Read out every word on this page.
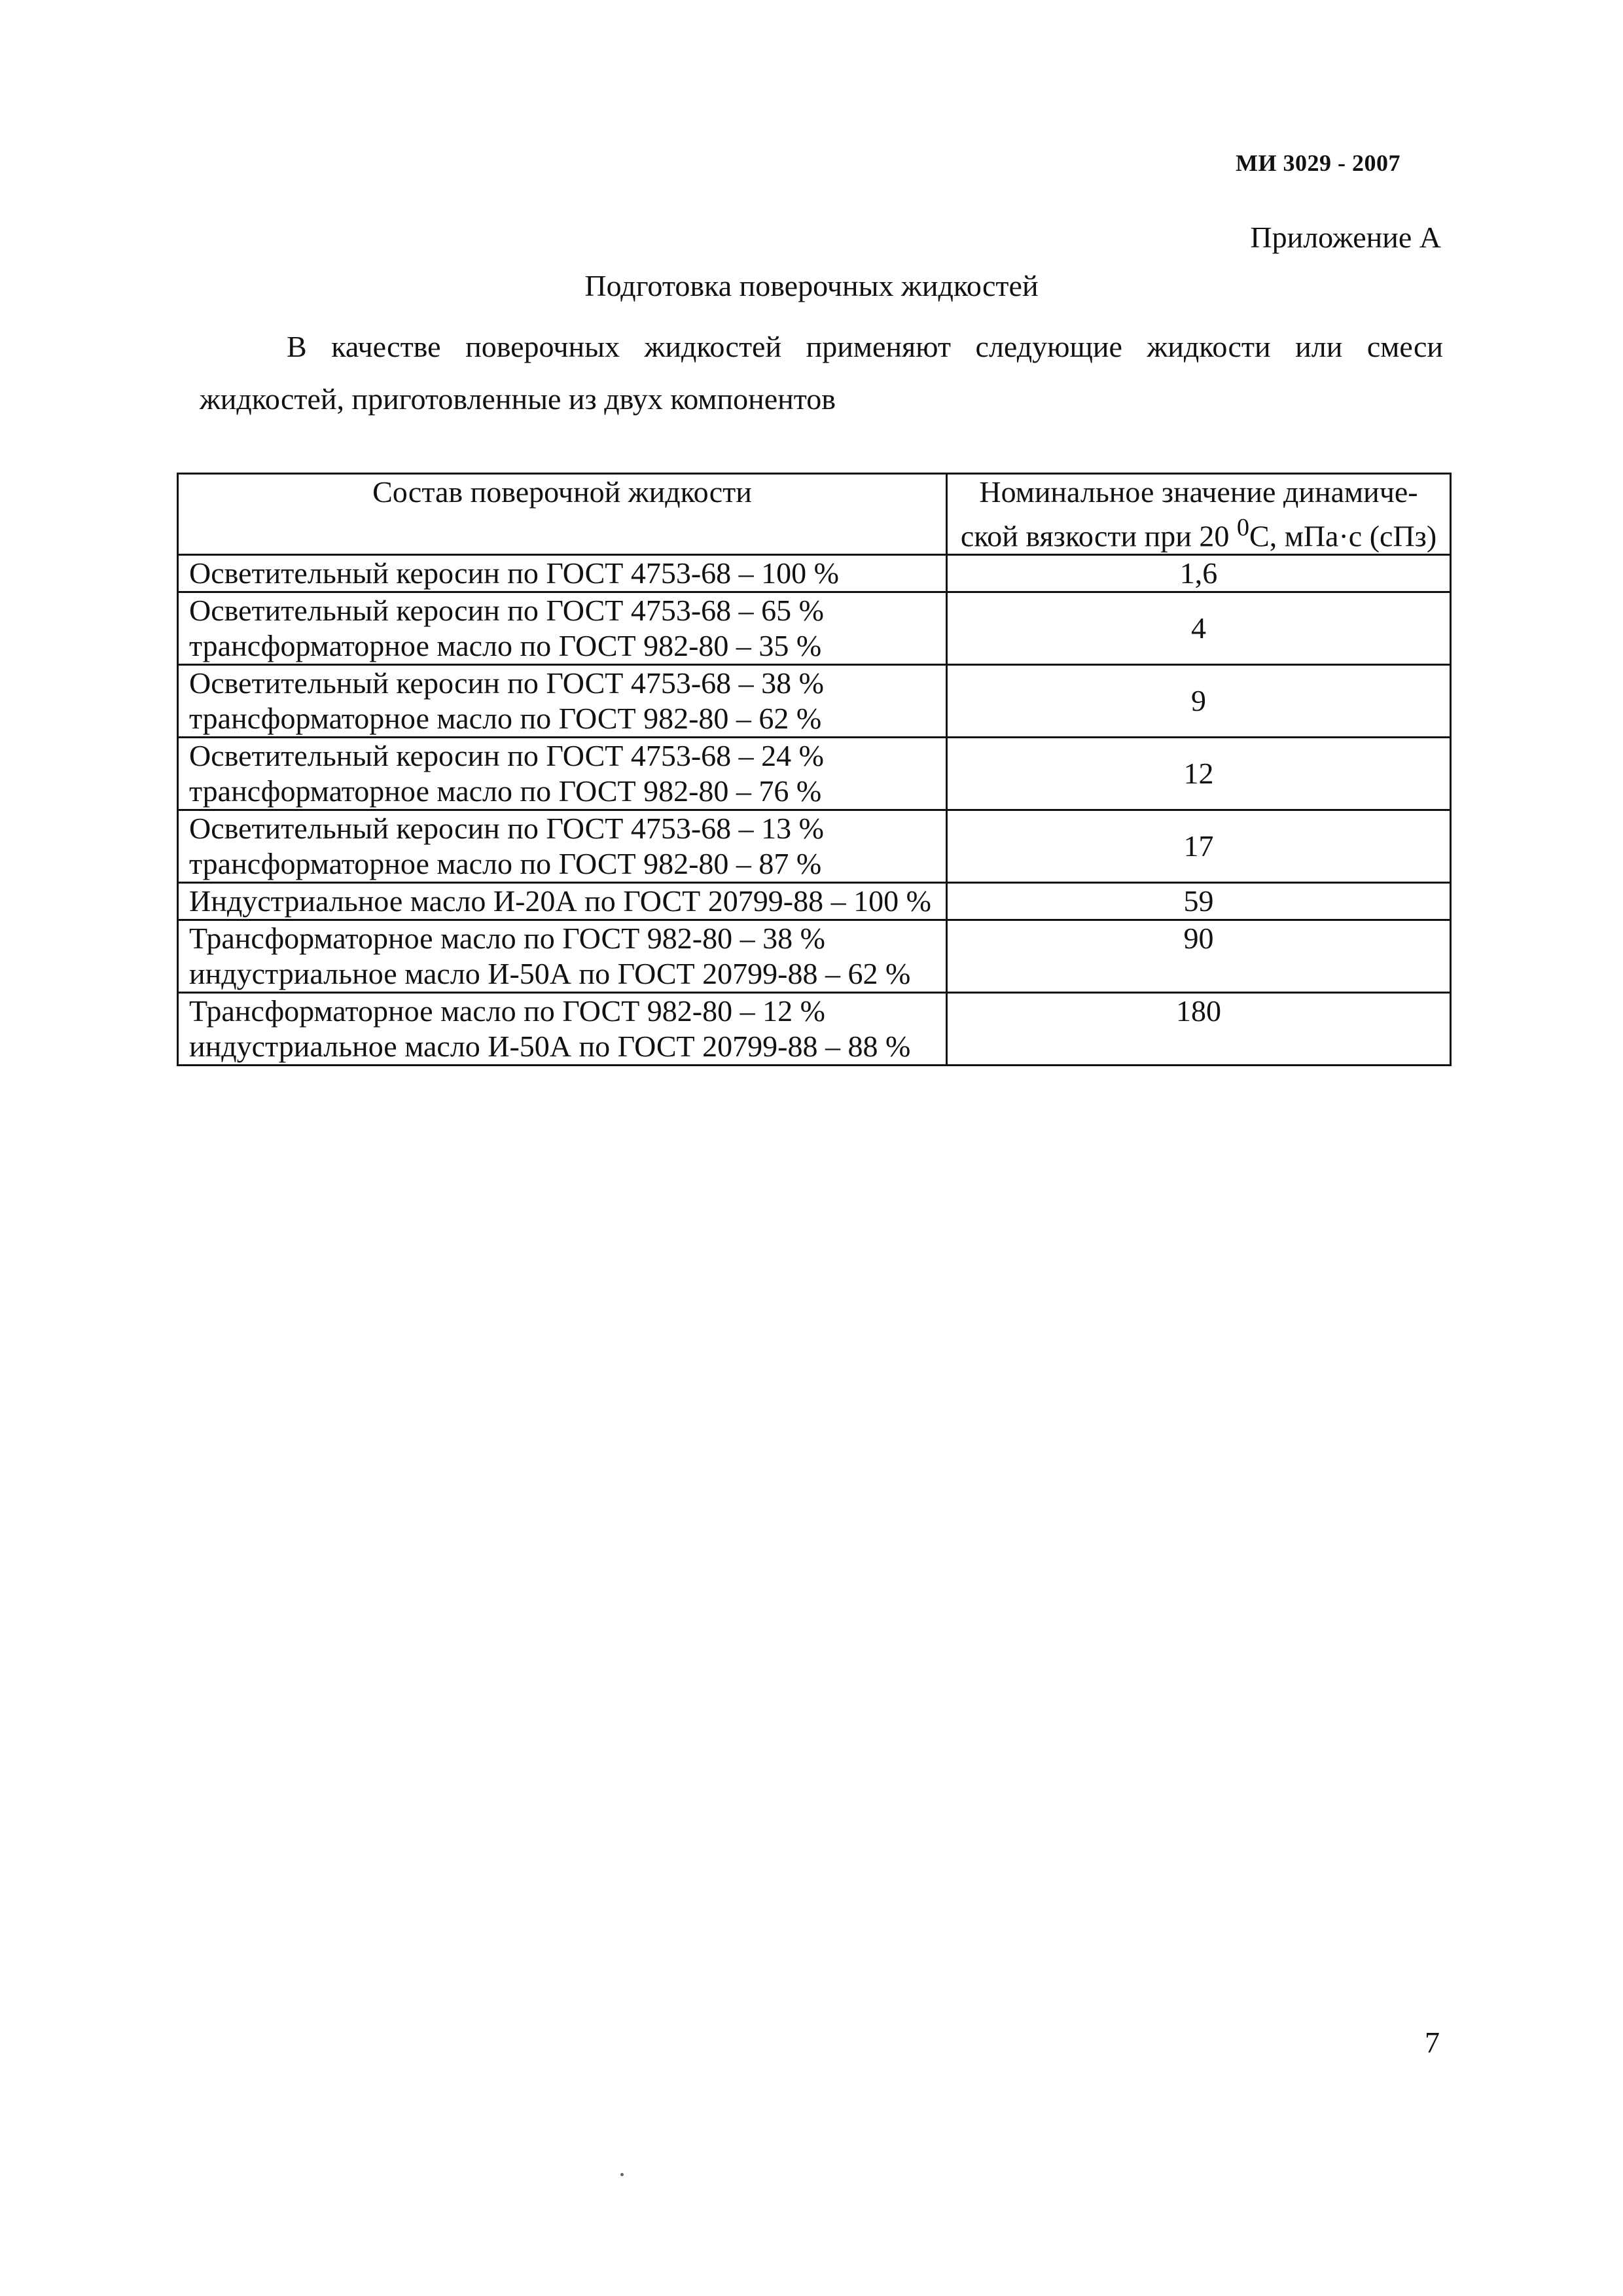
МИ 3029 - 2007
Приложение А
Подготовка поверочных жидкостей
В качестве поверочных жидкостей применяют следующие жидкости или смеси жидкостей, приготовленные из двух компонентов
Состав поверочной жидкости	Номинальное значение динамиче-
ской вязкости при 20 $^0$С, мПа·с (сПз)
Осветительный керосин по ГОСТ 4753-68 – 100 %	1,6
Осветительный керосин по ГОСТ 4753-68 – 65 %
трансформаторное масло по ГОСТ 982-80 – 35 %	4
Осветительный керосин по ГОСТ 4753-68 – 38 %
трансформаторное масло по ГОСТ 982-80 – 62 %	9
Осветительный керосин по ГОСТ 4753-68 – 24 %
трансформаторное масло по ГОСТ 982-80 – 76 %	12
Осветительный керосин по ГОСТ 4753-68 – 13 %
трансформаторное масло по ГОСТ 982-80 – 87 %	17
Индустриальное масло И-20А по ГОСТ 20799-88 – 100 %	59
Трансформаторное масло по ГОСТ 982-80 – 38 %
индустриальное масло И-50А по ГОСТ 20799-88 – 62 %	90
Трансформаторное масло по ГОСТ 982-80 – 12 %
индустриальное масло И-50А по ГОСТ 20799-88 – 88 %	180
7
